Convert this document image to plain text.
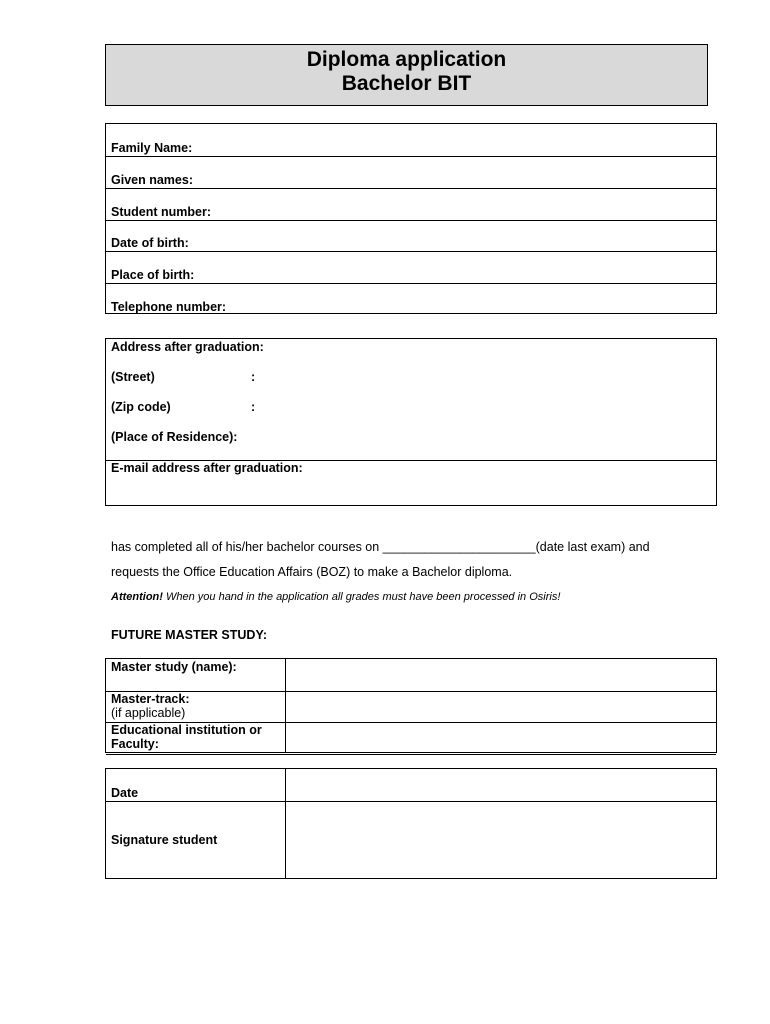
Diploma application
Bachelor BIT
Family Name:
Given names:
Student number:
Date of birth:
Place of birth:
Telephone number:
Address after graduation:
(Street)	:
(Zip code)	:
(Place of Residence):
E-mail address after graduation:
has completed all of his/her bachelor courses on ______________________(date last exam) and
requests the Office Education Affairs (BOZ) to make a Bachelor diploma.
Attention! When you hand in the application all grades must have been processed in Osiris!
FUTURE MASTER STUDY:
Master study (name):
Master-track:
(if applicable)
Educational institution or
Faculty:
Date
Signature student
